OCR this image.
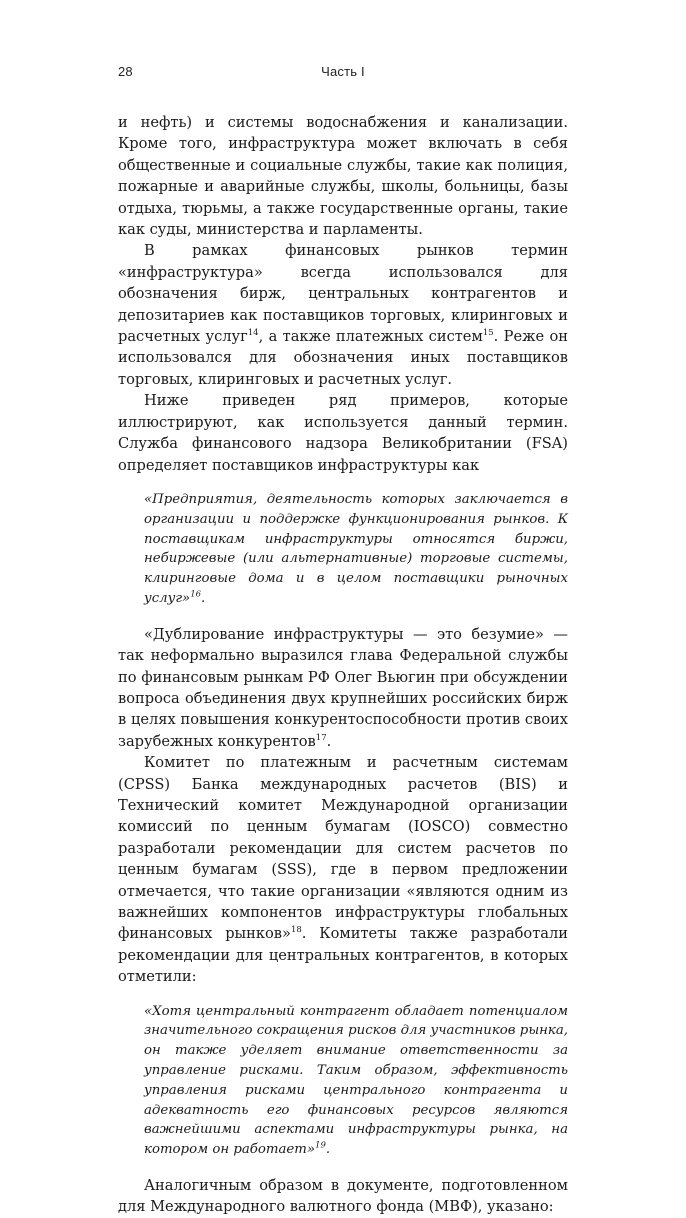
28	Часть I

и нефть) и системы водоснабжения и канализации. Кроме того, инфраструктура может включать в себя общественные и социальные службы, такие как полиция, пожарные и аварийные службы, школы, больницы, базы отдыха, тюрьмы, а также государственные органы, такие как суды, министерства и парламенты.

В рамках финансовых рынков термин «инфраструктура» всегда использовался для обозначения бирж, центральных контрагентов и депозитариев как поставщиков торговых, клиринговых и расчетных услуг$^{14}$, а также платежных систем$^{15}$. Реже он использовался для обозначения иных поставщиков торговых, клиринговых и расчетных услуг.

Ниже приведен ряд примеров, которые иллюстрируют, как используется данный термин. Служба финансового надзора Великобритании (FSA) определяет поставщиков инфраструктуры как

«Предприятия, деятельность которых заключается в организации и поддержке функционирования рынков. К поставщикам инфраструктуры относятся биржи, небиржевые (или альтернативные) торговые системы, клиринговые дома и в целом поставщики рыночных услуг»$^{16}$.

«Дублирование инфраструктуры — это безумие» — так неформально выразился глава Федеральной службы по финансовым рынкам РФ Олег Вьюгин при обсуждении вопроса объединения двух крупнейших российских бирж в целях повышения конкурентоспособности против своих зарубежных конкурентов$^{17}$.

Комитет по платежным и расчетным системам (CPSS) Банка международных расчетов (BIS) и Технический комитет Международной организации комиссий по ценным бумагам (IOSCO) совместно разработали рекомендации для систем расчетов по ценным бумагам (SSS), где в первом предложении отмечается, что такие организации «являются одним из важнейших компонентов инфраструктуры глобальных финансовых рынков»$^{18}$. Комитеты также разработали рекомендации для центральных контрагентов, в которых отметили:

«Хотя центральный контрагент обладает потенциалом значительного сокращения рисков для участников рынка, он также уделяет внимание ответственности за управление рисками. Таким образом, эффективность управления рисками центрального контрагента и адекватность его финансовых ресурсов являются важнейшими аспектами инфраструктуры рынка, на котором он работает»$^{19}$.

Аналогичным образом в документе, подготовленном для Международного валютного фонда (МВФ), указано:
